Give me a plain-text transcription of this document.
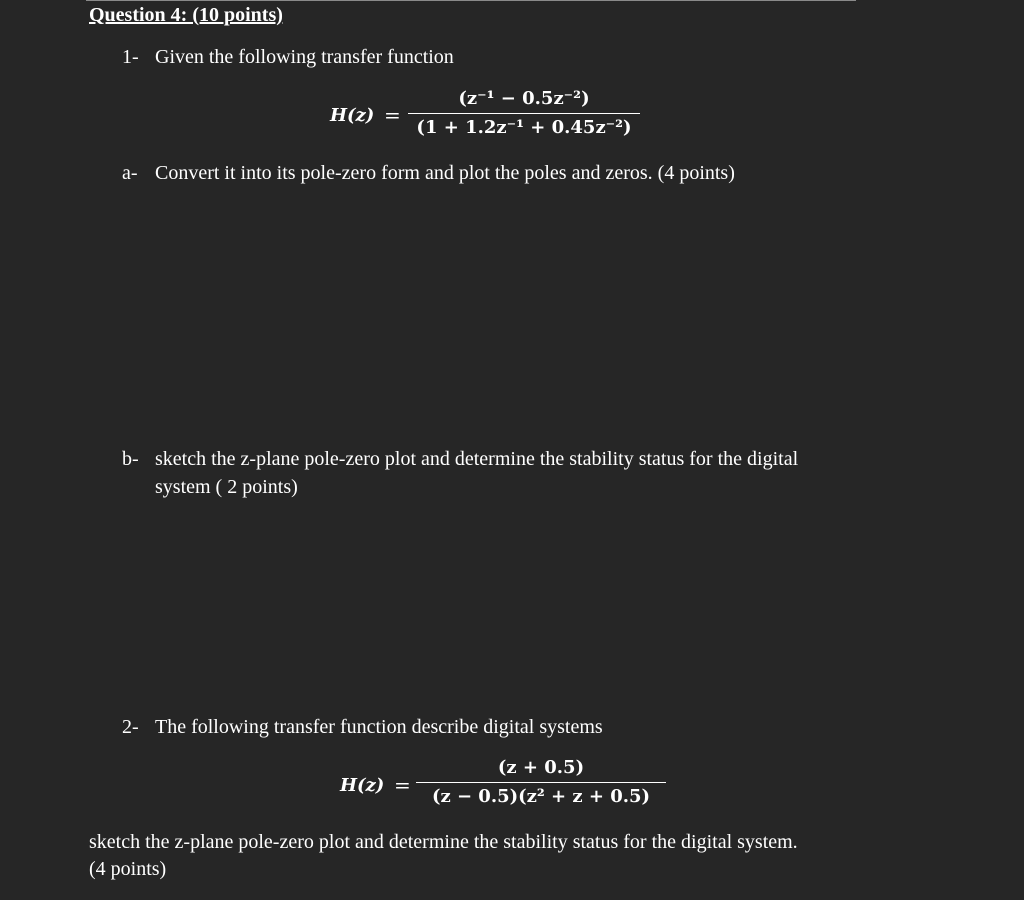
Question 4: (10 points)
1- Given the following transfer function
H(z) =
(z⁻¹ − 0.5z⁻²)
(1 + 1.2z⁻¹ + 0.45z⁻²)
a- Convert it into its pole-zero form and plot the poles and zeros. (4 points)
b- sketch the z-plane pole-zero plot and determine the stability status for the digital
system ( 2 points)
2- The following transfer function describe digital systems
H(z) =
(z + 0.5)
(z − 0.5)(z² + z + 0.5)
sketch the z-plane pole-zero plot and determine the stability status for the digital system.
(4 points)
